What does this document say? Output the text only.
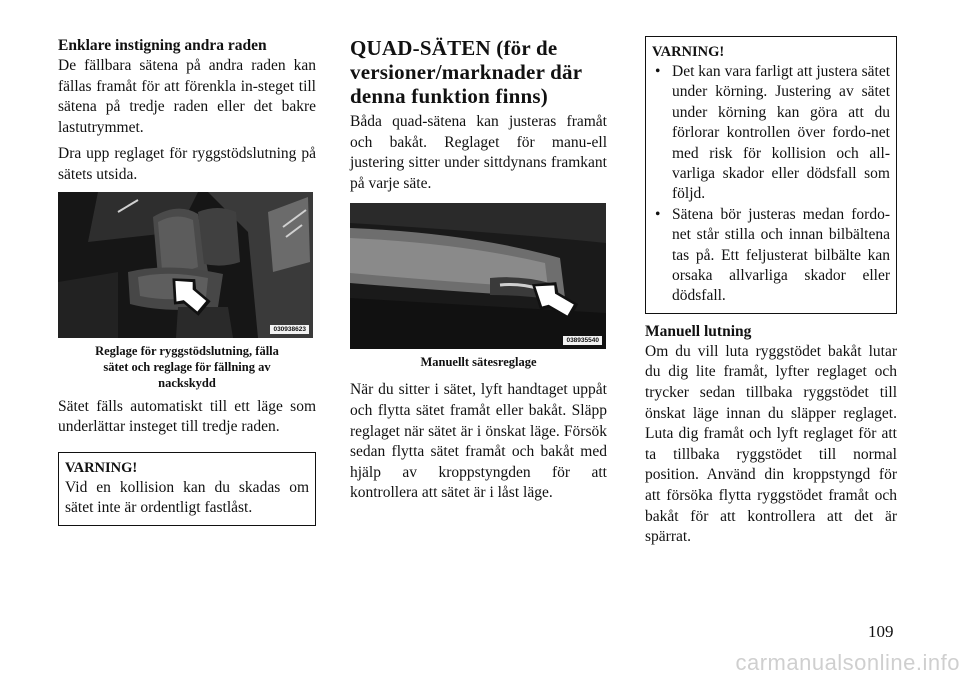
Enklare instigning andra raden

De fällbara sätena på andra raden kan fällas framåt för att förenkla in-steget till sätena på tredje raden eller det bakre lastutrymmet.

Dra upp reglaget för ryggstödslutning på sätets utsida.

030938623
Reglage för ryggstödslutning, fälla
sätet och reglage för fällning av
nackskydd

Sätet fälls automatiskt till ett läge som underlättar insteget till tredje raden.

VARNING!

Vid en kollision kan du skadas om sätet inte är ordentligt fastlåst.

QUAD-SÄTEN (för de
versioner/marknader där
denna funktion finns)

Båda quad-sätena kan justeras framåt och bakåt. Reglaget för manu-ell justering sitter under sittdynans framkant på varje säte.

038935540
Manuellt sätesreglage

När du sitter i sätet, lyft handtaget uppåt och flytta sätet framåt eller bakåt. Släpp reglaget när sätet är i önskat läge. Försök sedan flytta sätet framåt och bakåt med hjälp av kroppstyngden för att kontrollera att sätet är i låst läge.

VARNING!

• Det kan vara farligt att justera sätet under körning. Justering av sätet under körning kan göra att du förlorar kontrollen över fordo-net med risk för kollision och all-varliga skador eller dödsfall som följd.
• Sätena bör justeras medan fordo-net står stilla och innan bilbältena tas på. Ett feljusterat bilbälte kan orsaka allvarliga skador eller dödsfall.

Manuell lutning

Om du vill luta ryggstödet bakåt lutar du dig lite framåt, lyfter reglaget och trycker sedan tillbaka ryggstödet till önskat läge innan du släpper reglaget. Luta dig framåt och lyft reglaget för att ta tillbaka ryggstödet till normal position. Använd din kroppstyngd för att försöka flytta ryggstödet framåt och bakåt för att kontrollera att det är spärrat.

109
carmanualsonline.info
